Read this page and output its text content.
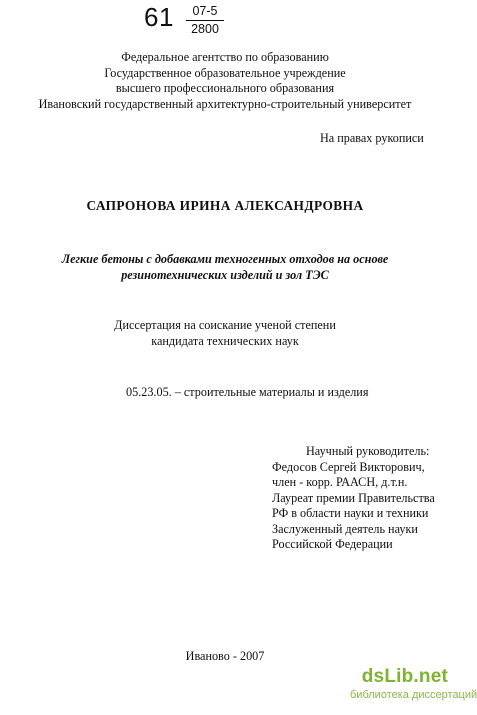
$61 \frac{07-5}{2800}$
Федеральное агентство по образованию
Государственное образовательное учреждение
высшего профессионального образования
Ивановский государственный архитектурно-строительный университет
На правах рукописи
САПРОНОВА ИРИНА АЛЕКСАНДРОВНА
Легкие бетоны с добавками техногенных отходов на основе
резинотехнических изделий и зол ТЭС
Диссертация на соискание ученой степени
кандидата технических наук
05.23.05. – строительные материалы и изделия
Научный руководитель:
Федосов Сергей Викторович,
член - корр. РААСН, д.т.н.
Лауреат премии Правительства
РФ в области науки и техники
Заслуженный деятель науки
Российской Федерации
Иваново - 2007
dsLib.net
библиотека диссертаций
